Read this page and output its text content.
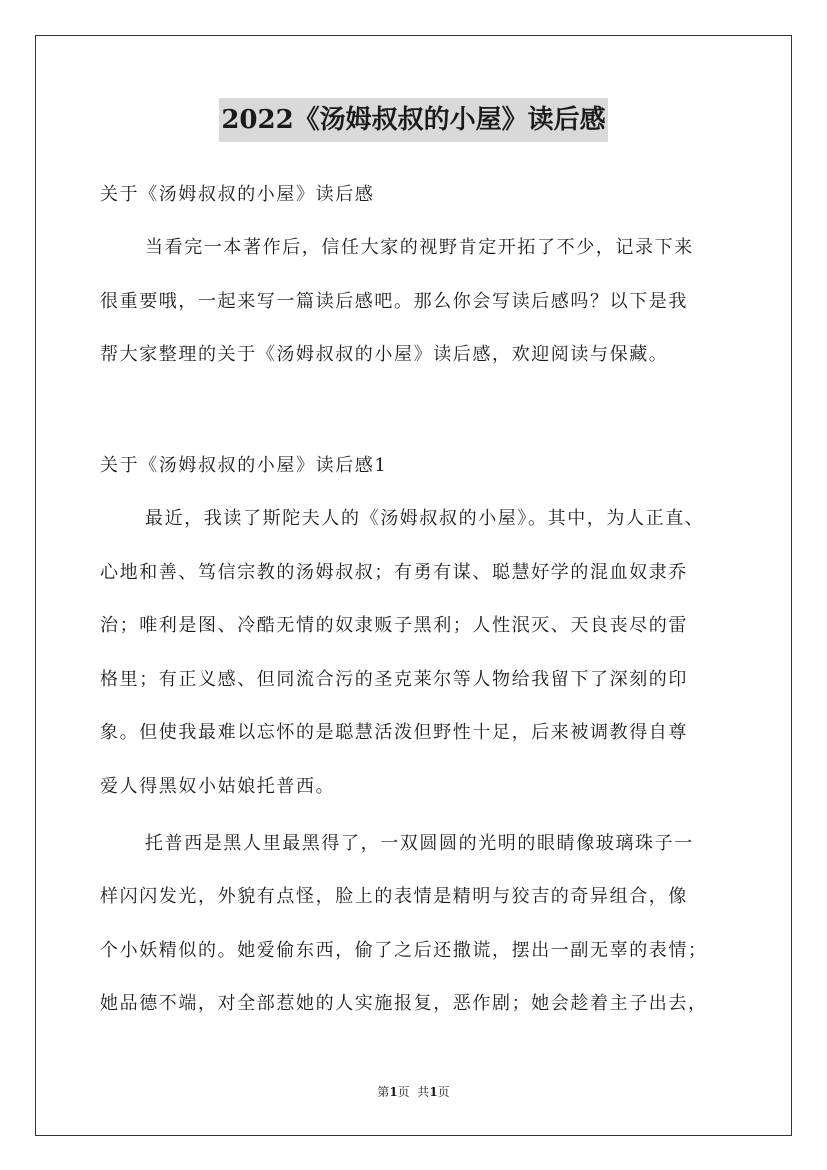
2022《汤姆叔叔的小屋》读后感
关于《汤姆叔叔的小屋》读后感
当看完一本著作后，信任大家的视野肯定开拓了不少，记录下来
很重要哦，一起来写一篇读后感吧。那么你会写读后感吗？以下是我
帮大家整理的关于《汤姆叔叔的小屋》读后感，欢迎阅读与保藏。
关于《汤姆叔叔的小屋》读后感1
最近，我读了斯陀夫人的《汤姆叔叔的小屋》。其中，为人正直、
心地和善、笃信宗教的汤姆叔叔；有勇有谋、聪慧好学的混血奴隶乔
治；唯利是图、冷酷无情的奴隶贩子黑利；人性泯灭、天良丧尽的雷
格里；有正义感、但同流合污的圣克莱尔等人物给我留下了深刻的印
象。但使我最难以忘怀的是聪慧活泼但野性十足，后来被调教得自尊
爱人得黑奴小姑娘托普西。
托普西是黑人里最黑得了，一双圆圆的光明的眼睛像玻璃珠子一
样闪闪发光，外貌有点怪，脸上的表情是精明与狡吉的奇异组合，像
个小妖精似的。她爱偷东西，偷了之后还撒谎，摆出一副无辜的表情；
她品德不端，对全部惹她的人实施报复，恶作剧；她会趁着主子出去，
第1页  共1页
